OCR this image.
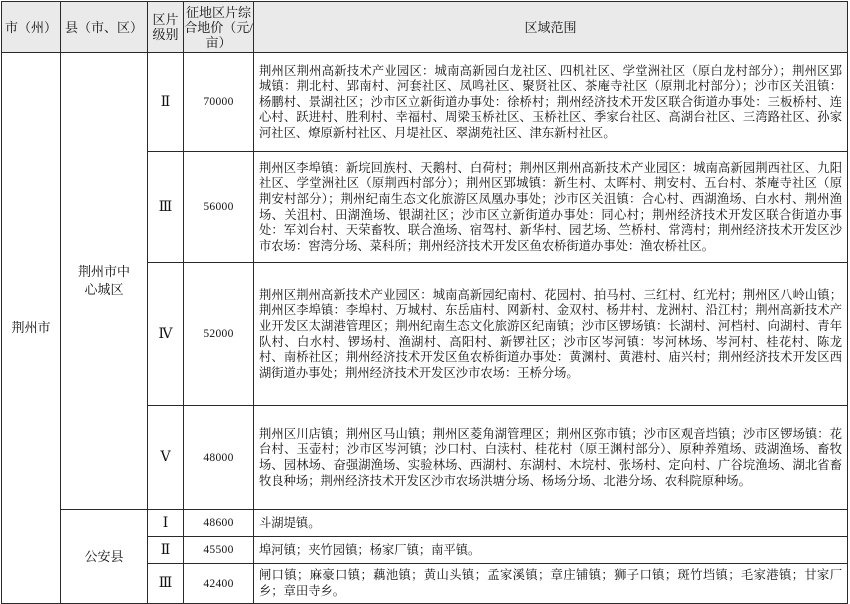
市（州）	县（市、区）	区片级别	征地区片综合地价（元/亩）	区域范围
荆州市	荆州市中心城区	Ⅱ	70000	荆州区荆州高新技术产业园区：城南高新园白龙社区、四机社区、学堂洲社区（原白龙村部分）；荆州区郢城镇：荆北村、郢南村、河套社区、凤鸣社区、聚贤社区、茶庵寺社区（原荆北村部分）；沙市区关沮镇：杨鹏村、景湖社区；沙市区立新街道办事处：徐桥村；荆州经济技术开发区联合街道办事处：三板桥村、连心村、跃进村、胜利村、幸福村、周梁玉桥社区、玉桥社区、季家台社区、高湖台社区、三湾路社区、孙家河社区、燎原新村社区、月堤社区、翠湖苑社区、津东新村社区。
		Ⅲ	56000	荆州区李埠镇：新垸回族村、天鹅村、白荷村；荆州区荆州高新技术产业园区：城南高新园荆西社区、九阳社区、学堂洲社区（原荆西村部分）；荆州区郢城镇：新生村、太晖村、荆安村、五台村、茶庵寺社区（原荆安村部分）；荆州纪南生态文化旅游区凤凰办事处；沙市区关沮镇：合心村、西湖渔场、白水村、荆州渔场、关沮村、田湖渔场、银湖社区；沙市区立新街道办事处：同心村；荆州经济技术开发区联合街道办事处：军刘台村、天荣畜牧、联合渔场、宿驾村、新华村、园艺场、竺桥村、常湾村；荆州经济技术开发区沙市农场：窖湾分场、菜科所；荆州经济技术开发区鱼农桥街道办事处：渔农桥社区。
		Ⅳ	52000	荆州区荆州高新技术产业园区：城南高新园纪南村、花园村、拍马村、三红村、红光村；荆州区八岭山镇；荆州区李埠镇：李埠村、万城村、东岳庙村、网新村、金双村、杨井村、龙洲村、沿江村；荆州高新技术产业开发区太湖港管理区；荆州纪南生态文化旅游区纪南镇；沙市区锣场镇：长湖村、河档村、向湖村、青年队村、白水村、锣场村、渔湖村、高阳村、新锣社区；沙市区岑河镇：岑河林场、岑河村、桂花村、陈龙村、南桥社区；荆州经济技术开发区鱼农桥街道办事处：黄渊村、黄港村、庙兴村；荆州经济技术开发区西湖街道办事处；荆州经济技术开发区沙市农场：王桥分场。
		Ⅴ	48000	荆州区川店镇；荆州区马山镇；荆州区菱角湖管理区；荆州区弥市镇；沙市区观音垱镇；沙市区锣场镇：花台村、玉壶村；沙市区岑河镇；沙口村、白渎村、桂花村（原王渊村部分）、原种养殖场、豉湖渔场、畜牧场、园林场、奋强湖渔场、实验林场、西湖村、东湖村、木垸村、张场村、定向村、广谷垸渔场、湖北省畜牧良种场；荆州经济技术开发区沙市农场洪塘分场、杨场分场、北港分场、农科院原种场。
	公安县	Ⅰ	48600	斗湖堤镇。
		Ⅱ	45500	埠河镇；夹竹园镇；杨家厂镇；南平镇。
		Ⅲ	42400	闸口镇；麻豪口镇；藕池镇；黄山头镇；孟家溪镇；章庄铺镇；狮子口镇；斑竹垱镇；毛家港镇；甘家厂乡；章田寺乡。
